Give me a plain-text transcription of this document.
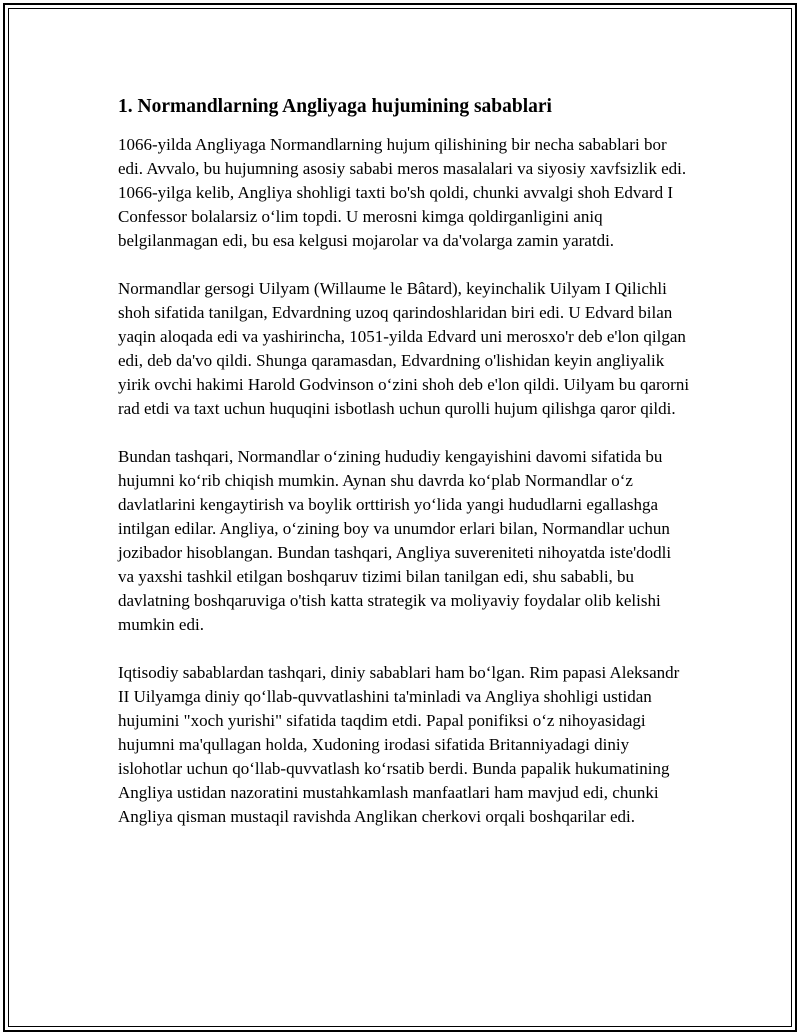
1. Normandlarning Angliyaga hujumining sabablari

1066-yilda Angliyaga Normandlarning hujum qilishining bir necha sabablari bor edi. Avvalo, bu hujumning asosiy sababi meros masalalari va siyosiy xavfsizlik edi. 1066-yilga kelib, Angliya shohligi taxti bo'sh qoldi, chunki avvalgi shoh Edvard I Confessor bolalarsiz o‘lim topdi. U merosni kimga qoldirganligini aniq belgilanmagan edi, bu esa kelgusi mojarolar va da'volarga zamin yaratdi.

Normandlar gersogi Uilyam (Willaume le Bâtard), keyinchalik Uilyam I Qilichli shoh sifatida tanilgan, Edvardning uzoq qarindoshlaridan biri edi. U Edvard bilan yaqin aloqada edi va yashirincha, 1051-yilda Edvard uni merosxo'r deb e'lon qilgan edi, deb da'vo qildi. Shunga qaramasdan, Edvardning o'lishidan keyin angliyalik yirik ovchi hakimi Harold Godvinson o‘zini shoh deb e'lon qildi. Uilyam bu qarorni rad etdi va taxt uchun huquqini isbotlash uchun qurolli hujum qilishga qaror qildi.

Bundan tashqari, Normandlar o‘zining hududiy kengayishini davomi sifatida bu hujumni ko‘rib chiqish mumkin. Aynan shu davrda ko‘plab Normandlar o‘z davlatlarini kengaytirish va boylik orttirish yo‘lida yangi hududlarni egallashga intilgan edilar. Angliya, o‘zining boy va unumdor erlari bilan, Normandlar uchun jozibador hisoblangan. Bundan tashqari, Angliya suvereniteti nihoyatda iste'dodli va yaxshi tashkil etilgan boshqaruv tizimi bilan tanilgan edi, shu sababli, bu davlatning boshqaruviga o'tish katta strategik va moliyaviy foydalar olib kelishi mumkin edi.

Iqtisodiy sabablardan tashqari, diniy sabablari ham bo‘lgan. Rim papasi Aleksandr II Uilyamga diniy qo‘llab-quvvatlashini ta'minladi va Angliya shohligi ustidan hujumini "xoch yurishi" sifatida taqdim etdi. Papal ponifiksi o‘z nihoyasidagi hujumni ma'qullagan holda, Xudoning irodasi sifatida Britanniyadagi diniy islohotlar uchun qo‘llab-quvvatlash ko‘rsatib berdi. Bunda papalik hukumatining Angliya ustidan nazoratini mustahkamlash manfaatlari ham mavjud edi, chunki Angliya qisman mustaqil ravishda Anglikan cherkovi orqali boshqarilar edi.
